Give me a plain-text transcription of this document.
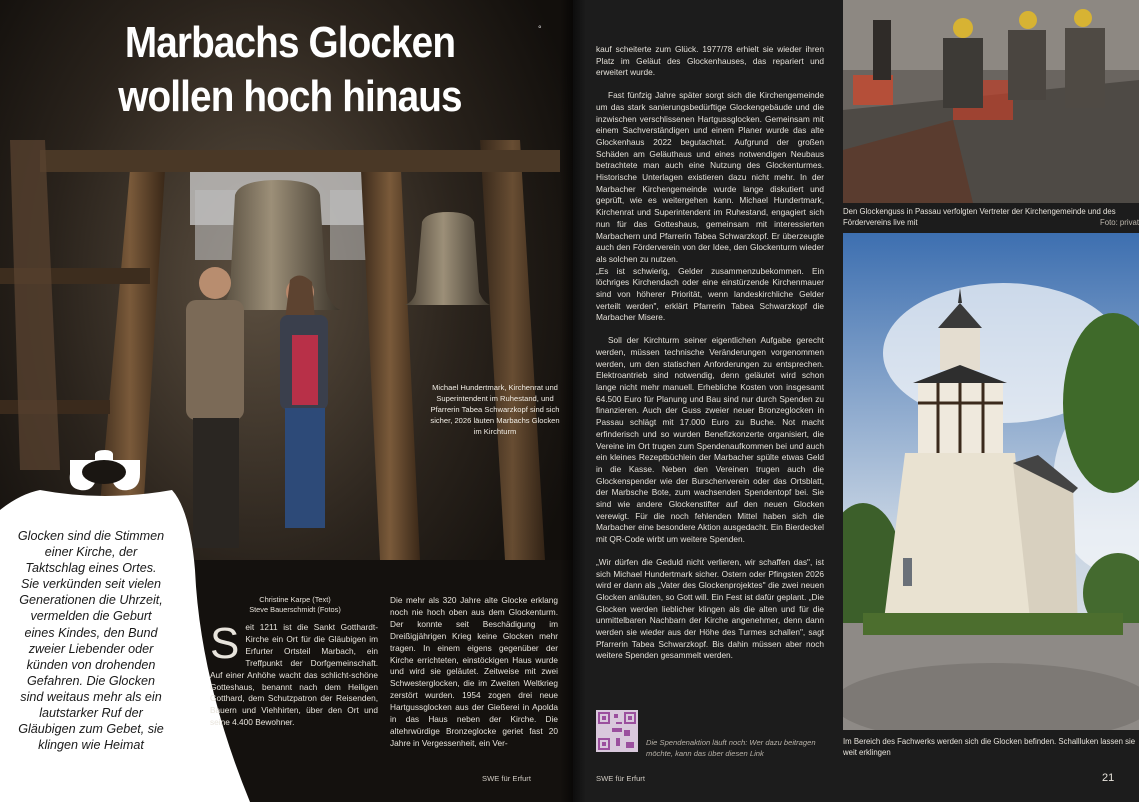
Marbachs Glocken
wollen hoch hinaus
°
Michael Hundertmark, Kirchenrat und Superintendent im Ruhestand, und Pfarrerin Tabea Schwarzkopf sind sich sicher, 2026 läuten Marbachs Glocken im Kirchturm
Glocken sind die Stimmen einer Kirche, der Taktschlag eines Ortes. Sie verkünden seit vielen Generationen die Uhrzeit, vermelden die Geburt eines Kindes, den Bund zweier Liebender oder künden von drohenden Gefahren. Die Glocken sind weitaus mehr als ein lautstarker Ruf der Gläubigen zum Gebet, sie klingen wie Heimat
Christine Karpe (Text)
Steve Bauerschmidt (Fotos)
Seit 1211 ist die Sankt Gotthardt-Kirche ein Ort für die Gläubigen im Erfurter Ortsteil Marbach, ein Treffpunkt der Dorfgemeinschaft. Auf einer Anhöhe wacht das schlicht-schöne Gotteshaus, benannt nach dem Heiligen Gotthard, dem Schutzpatron der Reisenden, Bauern und Viehhirten, über den Ort und seine 4.400 Bewohner.
Die mehr als 320 Jahre alte Glocke erklang noch nie hoch oben aus dem Glockenturm. Der konnte seit Beschädigung im Dreißigjährigen Krieg keine Glocken mehr tragen. In einem eigens gegenüber der Kirche errichteten, einstöckigen Haus wurde und wird sie geläutet. Zeitweise mit zwei Schwesterglocken, die im Zweiten Weltkrieg zerstört wurden. 1954 zogen drei neue Hartgussglocken aus der Gießerei in Apolda in das Haus neben der Kirche. Die altehrwürdige Bronzeglocke geriet fast 20 Jahre in Vergessenheit, ein Ver-
SWE für Erfurt

kauf scheiterte zum Glück. 1977/78 erhielt sie wieder ihren Platz im Geläut des Glockenhauses, das repariert und erweitert wurde.

Fast fünfzig Jahre später sorgt sich die Kirchengemeinde um das stark sanierungsbedürftige Glockengebäude und die inzwischen verschlissenen Hartgussglocken. Gemeinsam mit einem Sachverständigen und einem Planer wurde das alte Glockenhaus 2022 begutachtet. Aufgrund der großen Schäden am Geläuthaus und eines notwendigen Neubaus betrachtete man auch eine Nutzung des Glockenturmes. Historische Unterlagen existieren dazu nicht mehr. In der Marbacher Kirchengemeinde wurde lange diskutiert und geprüft, wie es weitergehen kann. Michael Hundertmark, Kirchenrat und Superintendent im Ruhestand, engagiert sich nun für das Gotteshaus, gemeinsam mit interessierten Marbachern und Pfarrerin Tabea Schwarzkopf. Er überzeugte auch den Förderverein von der Idee, den Glockenturm wieder als solchen zu nutzen.

„Es ist schwierig, Gelder zusammenzubekommen. Ein löchriges Kirchendach oder eine einstürzende Kirchenmauer sind von höherer Priorität, wenn landeskirchliche Gelder verteilt werden", erklärt Pfarrerin Tabea Schwarzkopf die Marbacher Misere.

Soll der Kirchturm seiner eigentlichen Aufgabe gerecht werden, müssen technische Veränderungen vorgenommen werden, um den statischen Anforderungen zu entsprechen. Elektroantrieb sind notwendig, denn geläutet wird schon lange nicht mehr manuell. Erhebliche Kosten von insgesamt 64.500 Euro für Planung und Bau sind nur durch Spenden zu finanzieren. Auch der Guss zweier neuer Bronzeglocken in Passau schlägt mit 17.000 Euro zu Buche. Not macht erfinderisch und so wurden Benefizkonzerte organisiert, die Vereine im Ort trugen zum Spendenaufkommen bei und auch ein kleines Rezeptbüchlein der Marbacher spülte etwas Geld in die Kasse. Neben den Vereinen trugen auch die Glockenspender wie der Burschenverein oder das Ortsblatt, der Marbsche Bote, zum wachsenden Spendentopf bei. Sie sind wie andere Glockenstifter auf den neuen Glocken verewigt. Für die noch fehlenden Mittel haben sich die Marbacher eine besondere Aktion ausgedacht. Ein Bierdeckel mit QR-Code wirbt um weitere Spenden.

„Wir dürfen die Geduld nicht verlieren, wir schaffen das", ist sich Michael Hundertmark sicher. Ostern oder Pfingsten 2026 wird er dann als „Vater des Glockenprojektes" die zwei neuen Glocken anläuten, so Gott will. Ein Fest ist dafür geplant. „Die Glocken werden lieblicher klingen als die alten und für die unmittelbaren Nachbarn der Kirche angenehmer, denn dann werden sie wieder aus der Höhe des Turmes schallen", sagt Pfarrerin Tabea Schwarzkopf. Bis dahin müssen aber noch weitere Spenden gesammelt werden.

SWE für Erfurt
Die Spendenaktion läuft noch: Wer dazu beitragen möchte, kann das über diesen Link
Den Glockenguss in Passau verfolgten Vertreter der Kirchengemeinde und des Fördervereins live mit	Foto: privat
Im Bereich des Fachwerks werden sich die Glocken befinden. Schallluken lassen sie weit erklingen
21
